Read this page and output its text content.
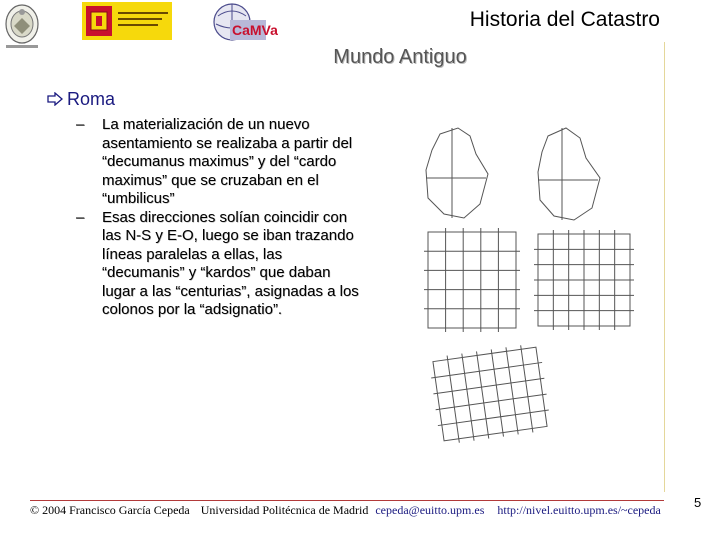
CaMVa	Historia del Catastro
Mundo Antiguo
Roma
– La materialización de un nuevo asentamiento se realizaba a partir del “decumanus maximus” y del “cardo maximus” que se cruzaban en el “umbilicus”
– Esas direcciones solían coincidir con las N-S y E-O, luego se iban trazando líneas paralelas a ellas, las “decumanis” y “kardos” que daban lugar a las “centurias”, asignadas a los colonos por la “adsignatio”.
© 2004 Francisco García Cepeda Universidad Politécnica de Madrid cepeda@euitto.upm.es http://nivel.euitto.upm.es/~cepeda	5
